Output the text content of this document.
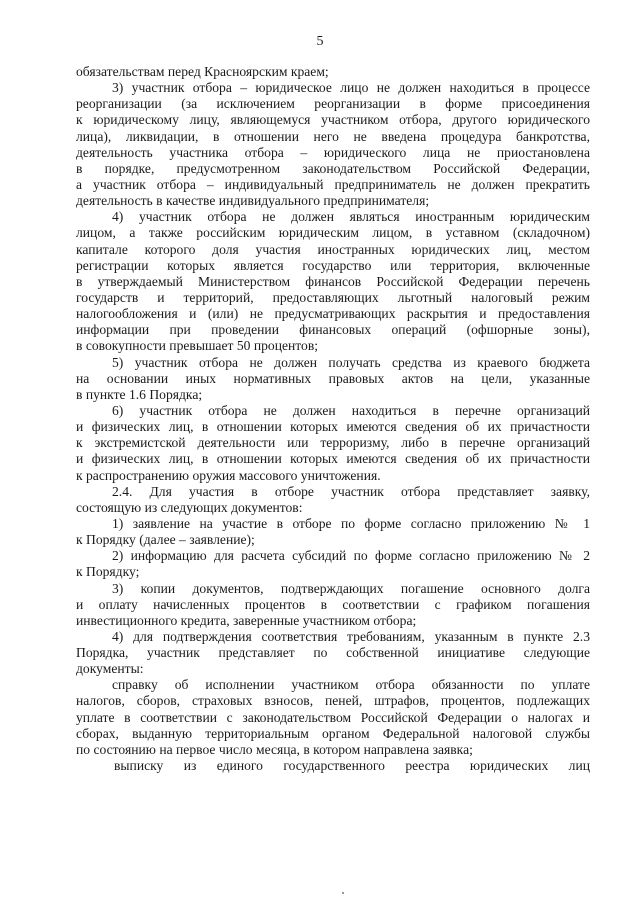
5
обязательствам перед Красноярским краем;
3) участник отбора – юридическое лицо не должен находиться в процессе
реорганизации (за исключением реорганизации в форме присоединения
к юридическому лицу, являющемуся участником отбора, другого юридического
лица), ликвидации, в отношении него не введена процедура банкротства,
деятельность участника отбора – юридического лица не приостановлена
в порядке, предусмотренном законодательством Российской Федерации,
а участник отбора – индивидуальный предприниматель не должен прекратить
деятельность в качестве индивидуального предпринимателя;
4) участник отбора не должен являться иностранным юридическим
лицом, а также российским юридическим лицом, в уставном (складочном)
капитале которого доля участия иностранных юридических лиц, местом
регистрации которых является государство или территория, включенные
в утверждаемый Министерством финансов Российской Федерации перечень
государств и территорий, предоставляющих льготный налоговый режим
налогообложения и (или) не предусматривающих раскрытия и предоставления
информации при проведении финансовых операций (офшорные зоны),
в совокупности превышает 50 процентов;
5) участник отбора не должен получать средства из краевого бюджета
на основании иных нормативных правовых актов на цели, указанные
в пункте 1.6 Порядка;
6) участник отбора не должен находиться в перечне организаций
и физических лиц, в отношении которых имеются сведения об их причастности
к экстремистской деятельности или терроризму, либо в перечне организаций
и физических лиц, в отношении которых имеются сведения об их причастности
к распространению оружия массового уничтожения.
2.4. Для участия в отборе участник отбора представляет заявку,
состоящую из следующих документов:
1) заявление на участие в отборе по форме согласно приложению № 1
к Порядку (далее – заявление);
2) информацию для расчета субсидий по форме согласно приложению № 2
к Порядку;
3) копии документов, подтверждающих погашение основного долга
и оплату начисленных процентов в соответствии с графиком погашения
инвестиционного кредита, заверенные участником отбора;
4) для подтверждения соответствия требованиям, указанным в пункте 2.3
Порядка, участник представляет по собственной инициативе следующие
документы:
справку об исполнении участником отбора обязанности по уплате
налогов, сборов, страховых взносов, пеней, штрафов, процентов, подлежащих
уплате в соответствии с законодательством Российской Федерации о налогах и
сборах, выданную территориальным органом Федеральной налоговой службы
по состоянию на первое число месяца, в котором направлена заявка;
выписку из единого государственного реестра юридических лиц
